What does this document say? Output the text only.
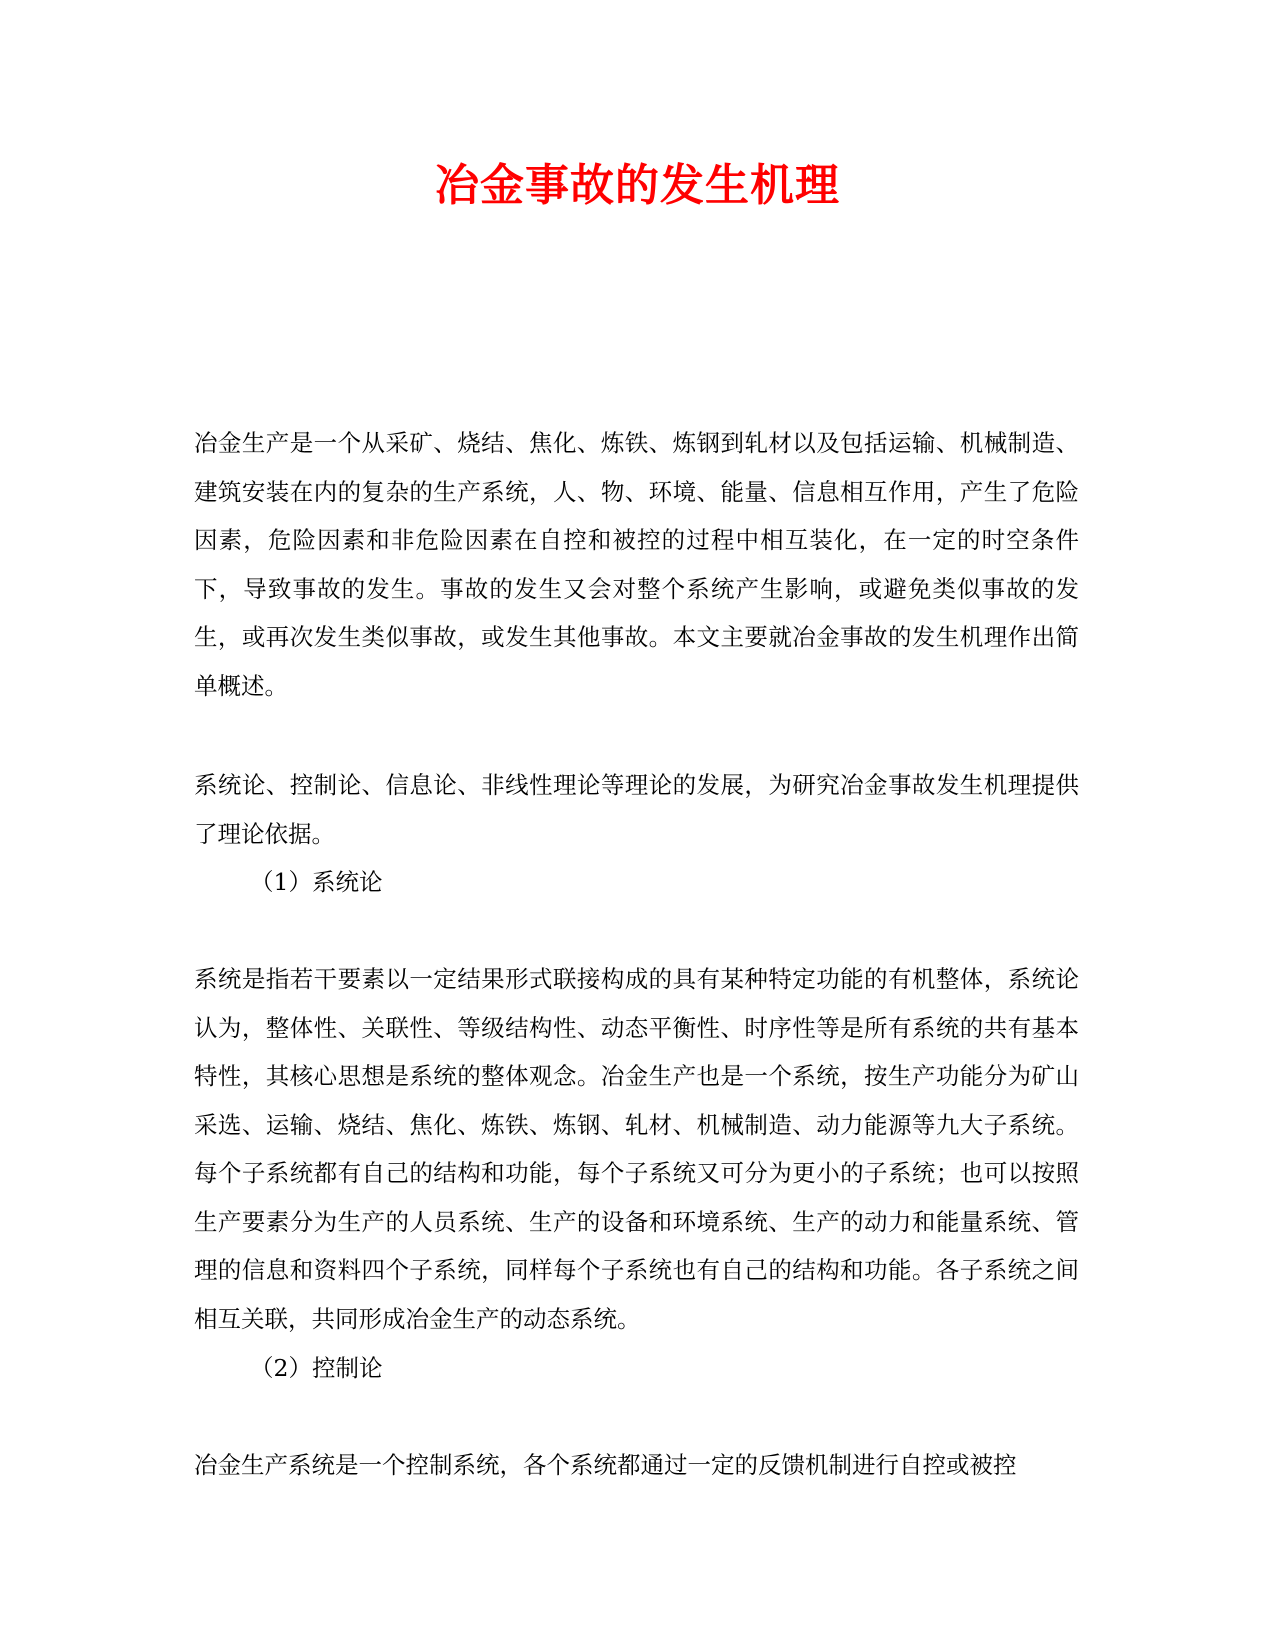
冶金事故的发生机理

冶金生产是一个从采矿、烧结、焦化、炼铁、炼钢到轧材以及包括运输、机械制造、建筑安装在内的复杂的生产系统，人、物、环境、能量、信息相互作用，产生了危险因素，危险因素和非危险因素在自控和被控的过程中相互装化，在一定的时空条件下，导致事故的发生。事故的发生又会对整个系统产生影响，或避免类似事故的发生，或再次发生类似事故，或发生其他事故。本文主要就冶金事故的发生机理作出简单概述。

系统论、控制论、信息论、非线性理论等理论的发展，为研究冶金事故发生机理提供了理论依据。

（1）系统论

系统是指若干要素以一定结果形式联接构成的具有某种特定功能的有机整体，系统论认为，整体性、关联性、等级结构性、动态平衡性、时序性等是所有系统的共有基本特性，其核心思想是系统的整体观念。冶金生产也是一个系统，按生产功能分为矿山采选、运输、烧结、焦化、炼铁、炼钢、轧材、机械制造、动力能源等九大子系统。每个子系统都有自己的结构和功能，每个子系统又可分为更小的子系统；也可以按照生产要素分为生产的人员系统、生产的设备和环境系统、生产的动力和能量系统、管理的信息和资料四个子系统，同样每个子系统也有自己的结构和功能。各子系统之间相互关联，共同形成冶金生产的动态系统。

（2）控制论

冶金生产系统是一个控制系统，各个系统都通过一定的反馈机制进行自控或被控
